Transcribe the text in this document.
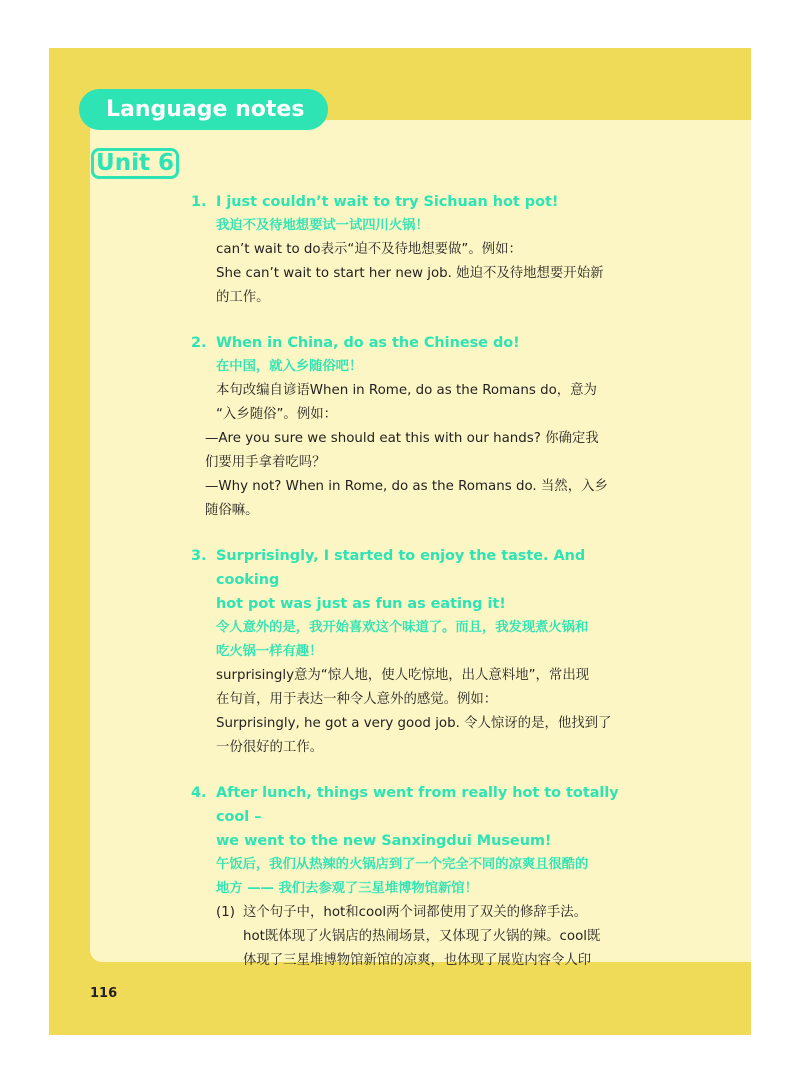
Language notes
Unit 6
1. I just couldn’t wait to try Sichuan hot pot!
我迫不及待地想要试一试四川火锅！
can’t wait to do表示“迫不及待地想要做”。例如：
She can’t wait to start her new job. 她迫不及待地想要开始新
的工作。
2. When in China, do as the Chinese do!
在中国，就入乡随俗吧！
本句改编自谚语When in Rome, do as the Romans do，意为
“入乡随俗”。例如：
—Are you sure we should eat this with our hands? 你确定我
们要用手拿着吃吗？
—Why not? When in Rome, do as the Romans do. 当然，入乡
随俗嘛。
3. Surprisingly, I started to enjoy the taste. And cooking
hot pot was just as fun as eating it!
令人意外的是，我开始喜欢这个味道了。而且，我发现煮火锅和
吃火锅一样有趣！
surprisingly意为“惊人地，使人吃惊地，出人意料地”，常出现
在句首，用于表达一种令人意外的感觉。例如：
Surprisingly, he got a very good job. 令人惊讶的是，他找到了
一份很好的工作。
4. After lunch, things went from really hot to totally cool –
we went to the new Sanxingdui Museum!
午饭后，我们从热辣的火锅店到了一个完全不同的凉爽且很酷的
地方 —— 我们去参观了三星堆博物馆新馆！
(1) 这个句子中，hot和cool两个词都使用了双关的修辞手法。
hot既体现了火锅店的热闹场景，又体现了火锅的辣。cool既
体现了三星堆博物馆新馆的凉爽，也体现了展览内容令人印
116
